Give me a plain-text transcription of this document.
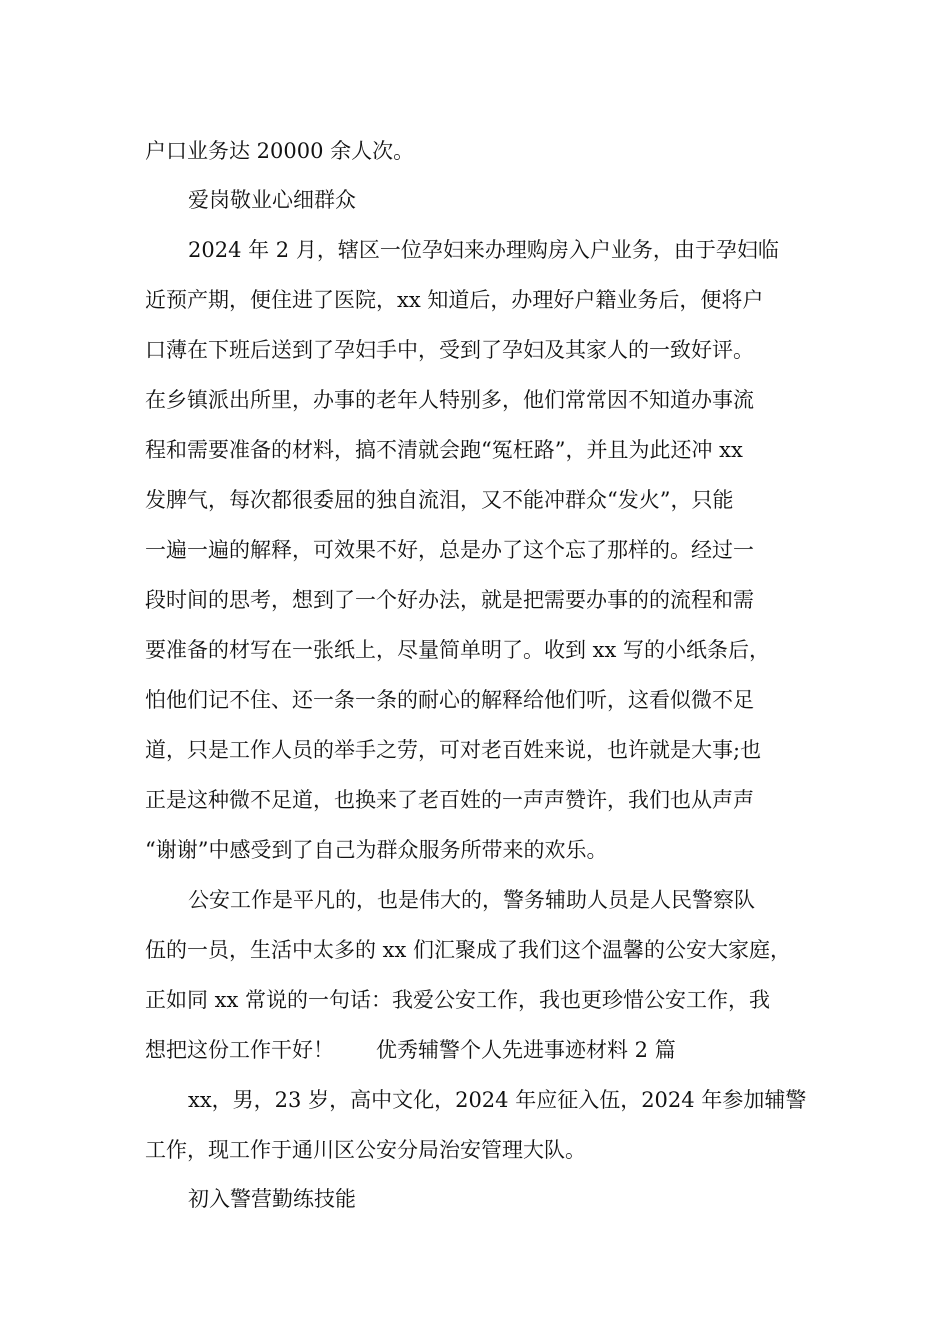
户口业务达 20000 余人次。

爱岗敬业心细群众

2024 年 2 月，辖区一位孕妇来办理购房入户业务，由于孕妇临

近预产期，便住进了医院，xx 知道后，办理好户籍业务后，便将户

口薄在下班后送到了孕妇手中，受到了孕妇及其家人的一致好评。

在乡镇派出所里，办事的老年人特别多，他们常常因不知道办事流

程和需要准备的材料，搞不清就会跑“冤枉路”，并且为此还冲 xx

发脾气，每次都很委屈的独自流泪，又不能冲群众“发火”，只能

一遍一遍的解释，可效果不好，总是办了这个忘了那样的。经过一

段时间的思考，想到了一个好办法，就是把需要办事的的流程和需

要准备的材写在一张纸上，尽量简单明了。收到 xx 写的小纸条后，

怕他们记不住、还一条一条的耐心的解释给他们听，这看似微不足

道，只是工作人员的举手之劳，可对老百姓来说，也许就是大事;也

正是这种微不足道，也换来了老百姓的一声声赞许，我们也从声声

“谢谢”中感受到了自己为群众服务所带来的欢乐。

公安工作是平凡的，也是伟大的，警务辅助人员是人民警察队

伍的一员，生活中太多的 xx 们汇聚成了我们这个温馨的公安大家庭，

正如同 xx 常说的一句话：我爱公安工作，我也更珍惜公安工作，我

想把这份工作干好！　　优秀辅警个人先进事迹材料 2 篇

xx，男，23 岁，高中文化，2024 年应征入伍，2024 年参加辅警

工作，现工作于通川区公安分局治安管理大队。

初入警营勤练技能
